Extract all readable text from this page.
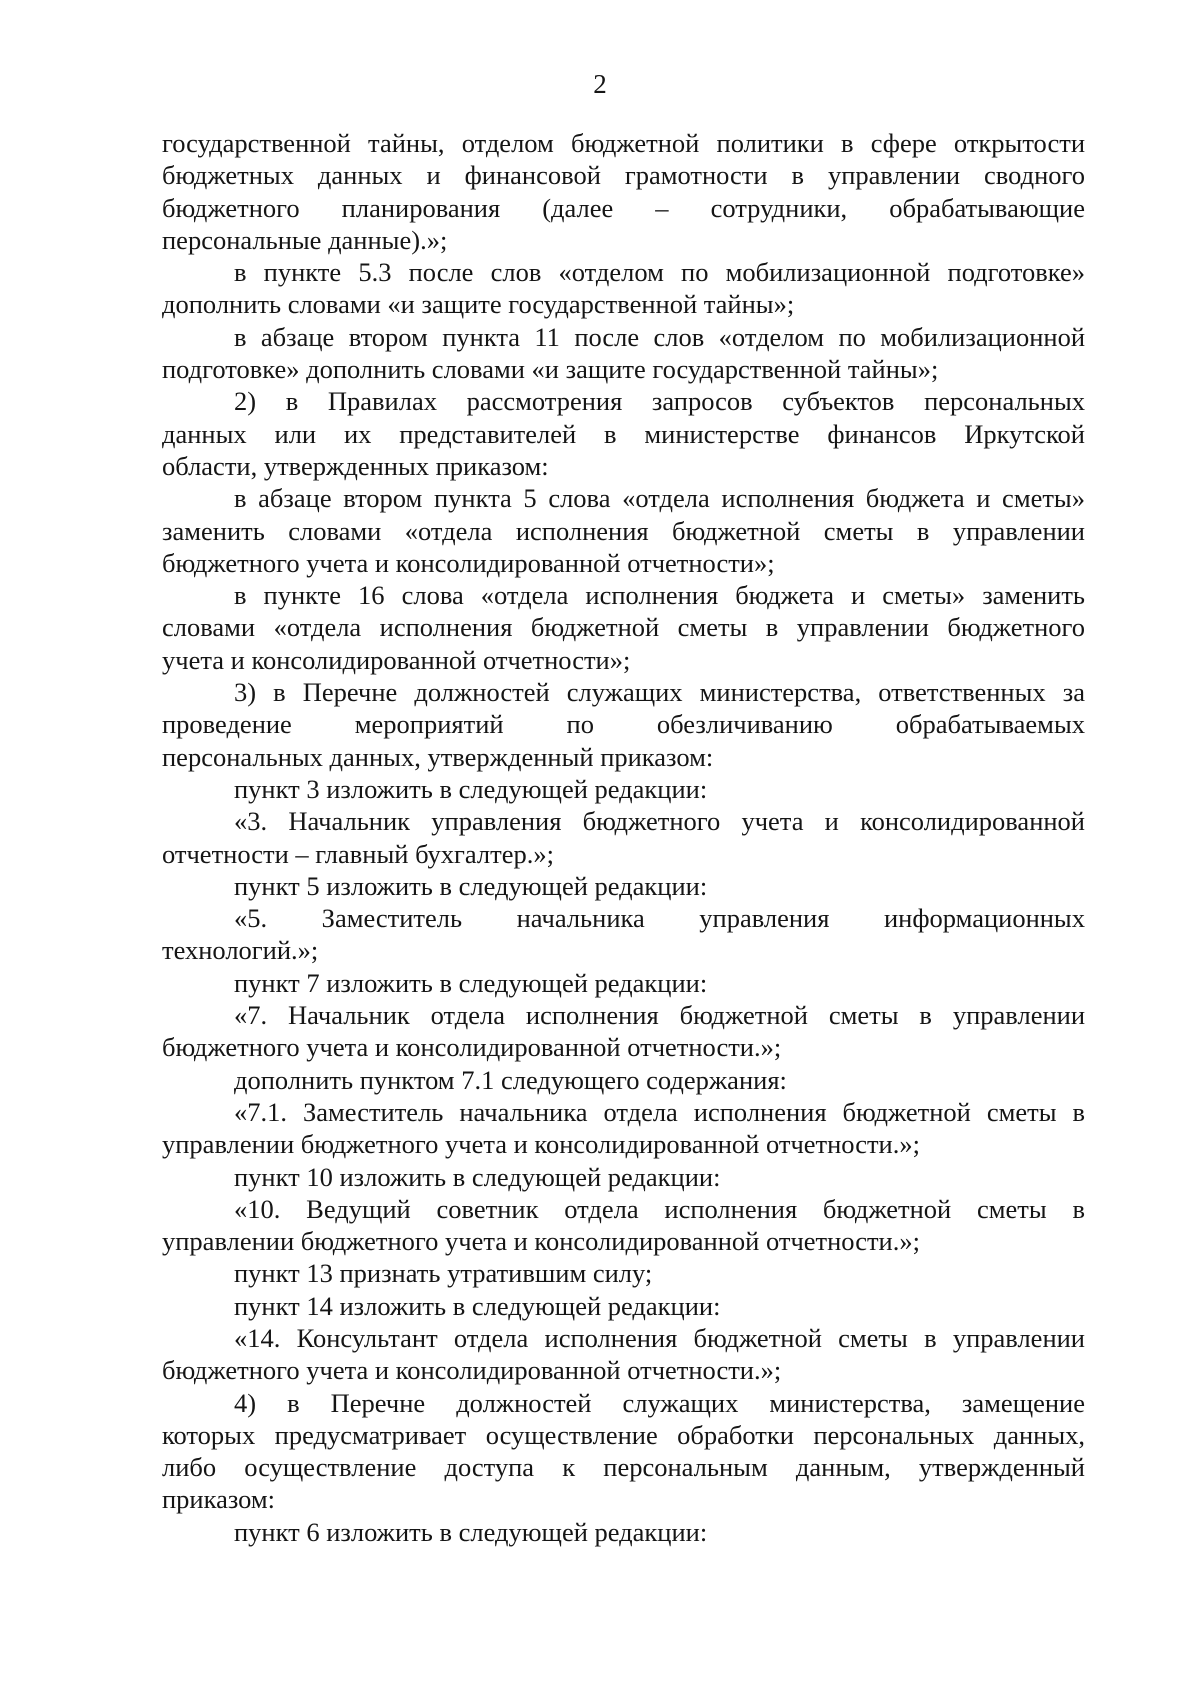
2
государственной тайны, отделом бюджетной политики в сфере открытости
бюджетных данных и финансовой грамотности в управлении сводного
бюджетного планирования (далее – сотрудники, обрабатывающие
персональные данные).»;
в пункте 5.3 после слов «отделом по мобилизационной подготовке»
дополнить словами «и защите государственной тайны»;
в абзаце втором пункта 11 после слов «отделом по мобилизационной
подготовке» дополнить словами «и защите государственной тайны»;
2) в Правилах рассмотрения запросов субъектов персональных
данных или их представителей в министерстве финансов Иркутской
области, утвержденных приказом:
в абзаце втором пункта 5 слова «отдела исполнения бюджета и сметы»
заменить словами «отдела исполнения бюджетной сметы в управлении
бюджетного учета и консолидированной отчетности»;
в пункте 16 слова «отдела исполнения бюджета и сметы» заменить
словами «отдела исполнения бюджетной сметы в управлении бюджетного
учета и консолидированной отчетности»;
3) в Перечне должностей служащих министерства, ответственных за
проведение мероприятий по обезличиванию обрабатываемых
персональных данных, утвержденный приказом:
пункт 3 изложить в следующей редакции:
«3. Начальник управления бюджетного учета и консолидированной
отчетности – главный бухгалтер.»;
пункт 5 изложить в следующей редакции:
«5. Заместитель начальника управления информационных
технологий.»;
пункт 7 изложить в следующей редакции:
«7. Начальник отдела исполнения бюджетной сметы в управлении
бюджетного учета и консолидированной отчетности.»;
дополнить пунктом 7.1 следующего содержания:
«7.1. Заместитель начальника отдела исполнения бюджетной сметы в
управлении бюджетного учета и консолидированной отчетности.»;
пункт 10 изложить в следующей редакции:
«10. Ведущий советник отдела исполнения бюджетной сметы в
управлении бюджетного учета и консолидированной отчетности.»;
пункт 13 признать утратившим силу;
пункт 14 изложить в следующей редакции:
«14. Консультант отдела исполнения бюджетной сметы в управлении
бюджетного учета и консолидированной отчетности.»;
4) в Перечне должностей служащих министерства, замещение
которых предусматривает осуществление обработки персональных данных,
либо осуществление доступа к персональным данным, утвержденный
приказом:
пункт 6 изложить в следующей редакции:
